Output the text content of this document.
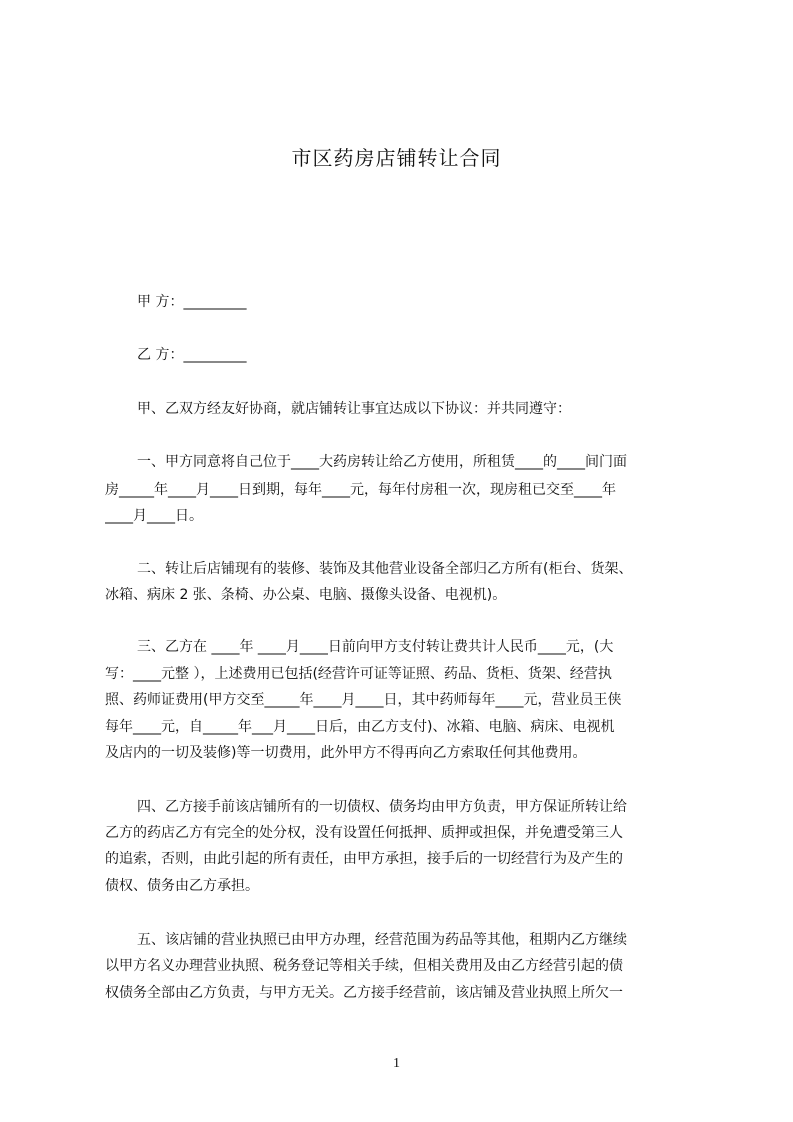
市区药房店铺转让合同
甲 方：_________
乙 方：_________
甲、乙双方经友好协商，就店铺转让事宜达成以下协议：并共同遵守：
一、甲方同意将自己位于____大药房转让给乙方使用，所租赁____的____间门面
房_____年____月____日到期，每年____元，每年付房租一次，现房租已交至____年
____月____日。
二、转让后店铺现有的装修、装饰及其他营业设备全部归乙方所有(柜台、货架、
冰箱、病床 2 张、条椅、办公桌、电脑、摄像头设备、电视机)。
三、乙方在 ____年 ____月____日前向甲方支付转让费共计人民币____元，(大
写：____元整 ），上述费用已包括(经营许可证等证照、药品、货柜、货架、经营执
照、药师证费用(甲方交至_____年____月____日，其中药师每年____元，营业员王侠
每年____元，自_____年___月____日后，由乙方支付)、冰箱、电脑、病床、电视机
及店内的一切及装修)等一切费用，此外甲方不得再向乙方索取任何其他费用。
四、乙方接手前该店铺所有的一切债权、债务均由甲方负责，甲方保证所转让给
乙方的药店乙方有完全的处分权，没有设置任何抵押、质押或担保，并免遭受第三人
的追索，否则，由此引起的所有责任，由甲方承担，接手后的一切经营行为及产生的
债权、债务由乙方承担。
五、该店铺的营业执照已由甲方办理，经营范围为药品等其他，租期内乙方继续
以甲方名义办理营业执照、税务登记等相关手续，但相关费用及由乙方经营引起的债
权债务全部由乙方负责，与甲方无关。乙方接手经营前，该店铺及营业执照上所欠一
1
